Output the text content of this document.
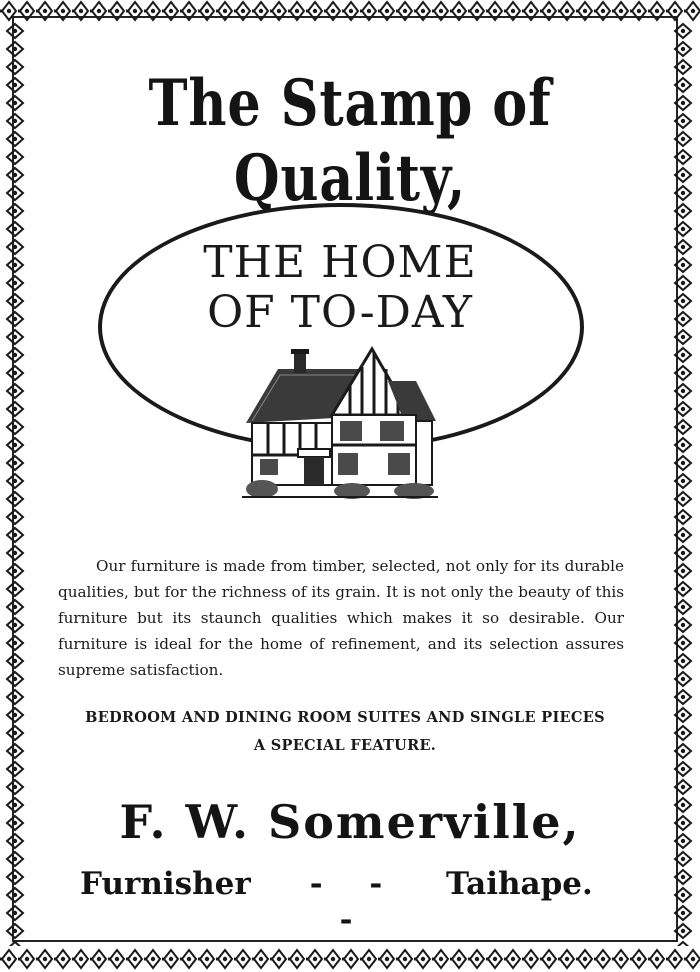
The Stamp of Quality,
THE HOME
OF TO-DAY

Our furniture is made from timber, selected, not only for its durable qualities, but for the richness of its grain. It is not only the beauty of this furniture but its staunch qualities which makes it so desirable. Our furniture is ideal for the home of refinement, and its selection assures supreme satisfaction.

BEDROOM AND DINING ROOM SUITES AND SINGLE PIECES
A SPECIAL FEATURE.
F. W. Somerville,
Furnisher	- - -
Taihape.
